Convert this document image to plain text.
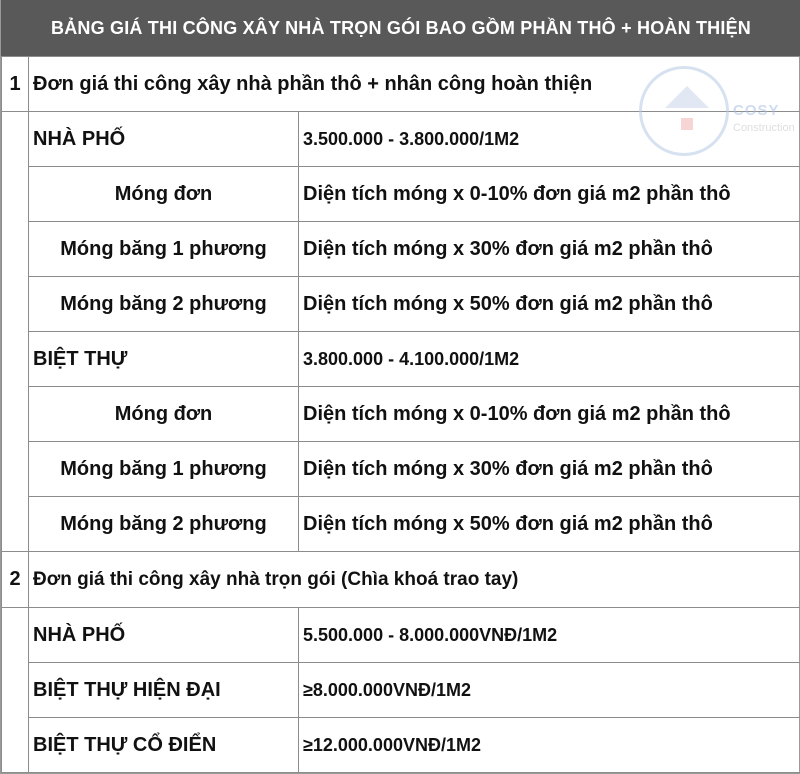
BẢNG GIÁ THI CÔNG XÂY NHÀ TRỌN GÓI BAO GỒM PHẦN THÔ + HOÀN THIỆN
1	Đơn giá thi công xây nhà phần thô + nhân công hoàn thiện	
	NHÀ PHỐ	3.500.000 - 3.800.000/1M2
	Móng đơn	Diện tích móng x 0-10% đơn giá m2 phần thô
	Móng băng 1 phương	Diện tích móng x 30% đơn giá m2 phần thô
	Móng băng 2 phương	Diện tích móng x 50% đơn giá m2 phần thô
	BIỆT THỰ	3.800.000 - 4.100.000/1M2
	Móng đơn	Diện tích móng x 0-10% đơn giá m2 phần thô
	Móng băng 1 phương	Diện tích móng x 30% đơn giá m2 phần thô
	Móng băng 2 phương	Diện tích móng x 50% đơn giá m2 phần thô
2	Đơn giá thi công xây nhà trọn gói (Chìa khoá trao tay)	
	NHÀ PHỐ	5.500.000 - 8.000.000VNĐ/1M2
	BIỆT THỰ HIỆN ĐẠI	≥8.000.000VNĐ/1M2
	BIỆT THỰ CỔ ĐIỂN	≥12.000.000VNĐ/1M2
COSY
Construction
